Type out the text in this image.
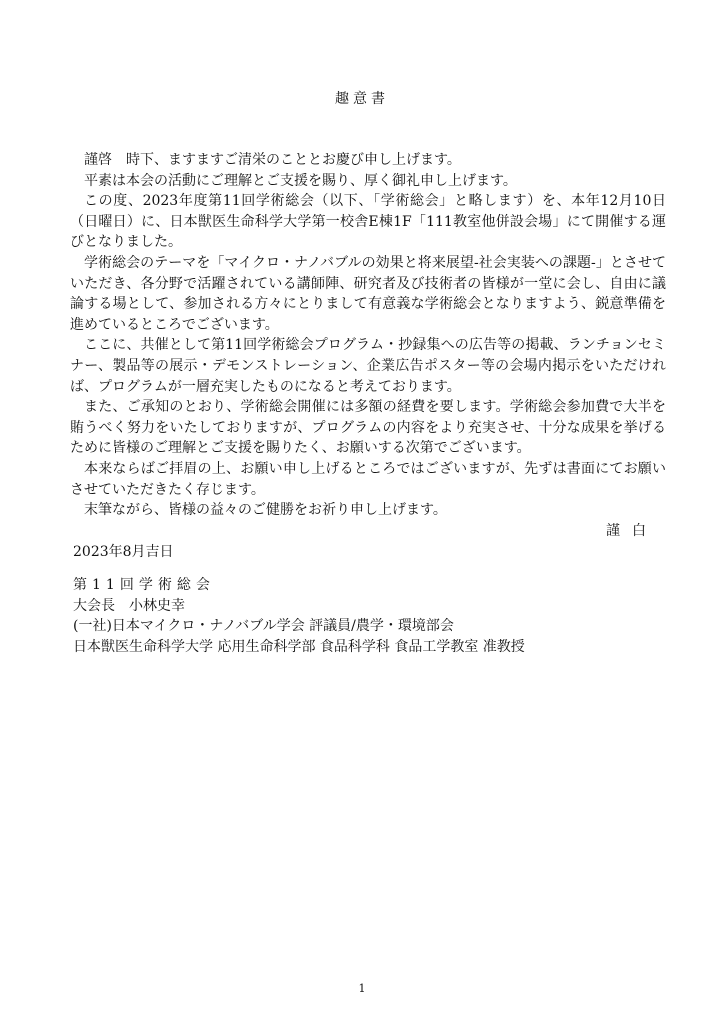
趣意書

謹啓　時下、ますますご清栄のこととお慶び申し上げます。

平素は本会の活動にご理解とご支援を賜り、厚く御礼申し上げます。

この度、2023年度第11回学術総会（以下、「学術総会」と略します）を、本年12月10日（日曜日）に、日本獣医生命科学大学第一校舎E棟1F「111教室他併設会場」にて開催する運びとなりました。

学術総会のテーマを「マイクロ・ナノバブルの効果と将来展望-社会実装への課題-」とさせていただき、各分野で活躍されている講師陣、研究者及び技術者の皆様が一堂に会し、自由に議論する場として、参加される方々にとりまして有意義な学術総会となりますよう、鋭意準備を進めているところでございます。

ここに、共催として第11回学術総会プログラム・抄録集への広告等の掲載、ランチョンセミナー、製品等の展示・デモンストレーション、企業広告ポスター等の会場内掲示をいただければ、プログラムが一層充実したものになると考えております。

また、ご承知のとおり、学術総会開催には多額の経費を要します。学術総会参加費で大半を賄うべく努力をいたしておりますが、プログラムの内容をより充実させ、十分な成果を挙げるために皆様のご理解とご支援を賜りたく、お願いする次第でございます。

本来ならばご拝眉の上、お願い申し上げるところではございますが、先ずは書面にてお願いさせていただきたく存じます。

末筆ながら、皆様の益々のご健勝をお祈り申し上げます。

謹白

2023年8月吉日
第11回学術総会
大会長　小林史幸
(一社)日本マイクロ・ナノバブル学会 評議員/農学・環境部会
日本獣医生命科学大学 応用生命科学部 食品科学科 食品工学教室 准教授
1
